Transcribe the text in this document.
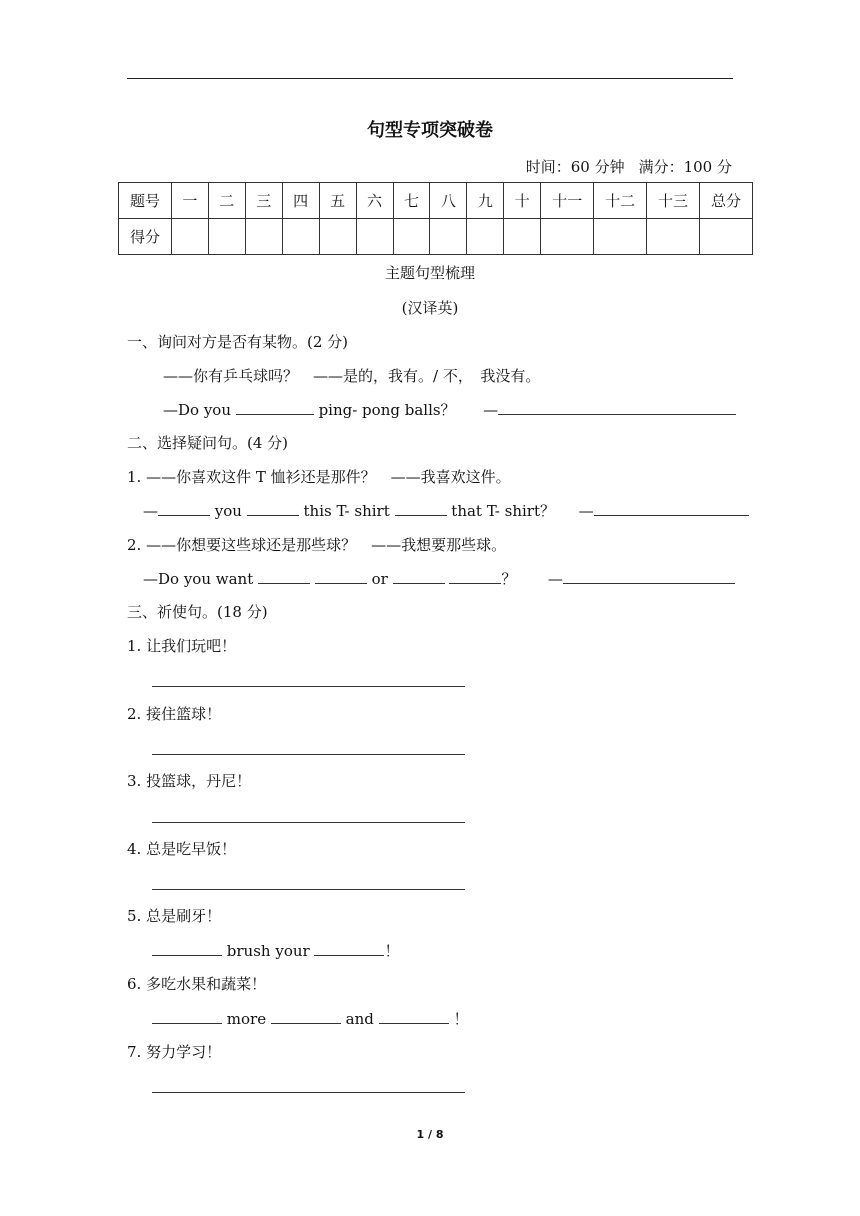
句型专项突破卷
时间：60 分钟 满分：100 分
题号	一	二	三	四	五	六	七	八	九	十	十一	十二	十三	总分
得分														
主题句型梳理
(汉译英)
一、询问对方是否有某物。(2 分)
——你有乒乓球吗？　——是的，我有。/ 不，　我没有。
—Do you	ping- pong balls？ —
二、选择疑问句。(4 分)
1. ——你喜欢这件 T 恤衫还是那件？　——我喜欢这件。
—	you	this T- shirt	that T- shirt？ —
2. ——你想要这些球还是那些球？　——我想要那些球。
—Do you want	or	？ —
三、祈使句。(18 分)
1. 让我们玩吧！
2. 接住篮球！
3. 投篮球，丹尼！
4. 总是吃早饭！
5. 总是刷牙！
brush your	！
6. 多吃水果和蔬菜！
more	and	！
7. 努力学习！
1 / 8
